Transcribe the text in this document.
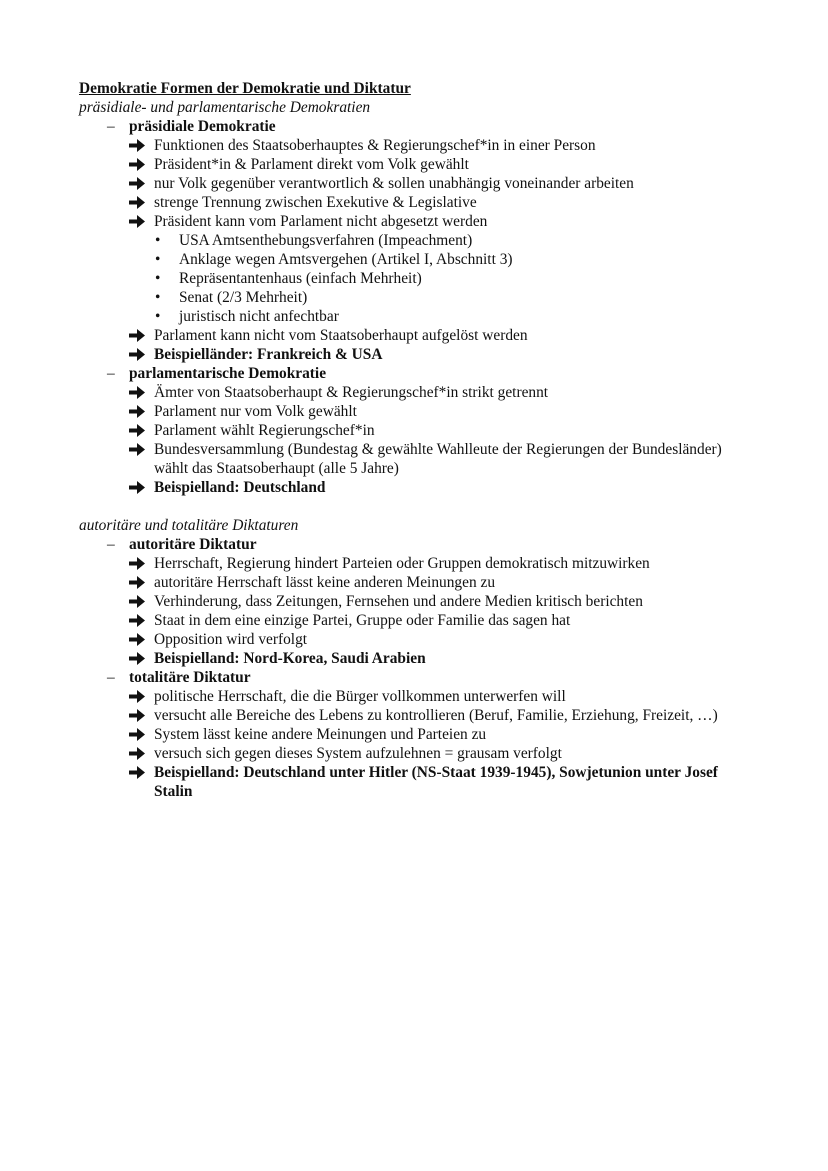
Demokratie Formen der Demokratie und Diktatur
präsidiale- und parlamentarische Demokratien
– präsidiale Demokratie
Funktionen des Staatsoberhauptes & Regierungschef*in in einer Person
Präsident*in & Parlament direkt vom Volk gewählt
nur Volk gegenüber verantwortlich & sollen unabhängig voneinander arbeiten
strenge Trennung zwischen Exekutive & Legislative
Präsident kann vom Parlament nicht abgesetzt werden
• USA Amtsenthebungsverfahren (Impeachment)
• Anklage wegen Amtsvergehen (Artikel I, Abschnitt 3)
• Repräsentantenhaus (einfach Mehrheit)
• Senat (2/3 Mehrheit)
• juristisch nicht anfechtbar
Parlament kann nicht vom Staatsoberhaupt aufgelöst werden
Beispielländer: Frankreich & USA
– parlamentarische Demokratie
Ämter von Staatsoberhaupt & Regierungschef*in strikt getrennt
Parlament nur vom Volk gewählt
Parlament wählt Regierungschef*in
Bundesversammlung (Bundestag & gewählte Wahlleute der Regierungen der Bundesländer) wählt das Staatsoberhaupt (alle 5 Jahre)
Beispielland: Deutschland
autoritäre und totalitäre Diktaturen
– autoritäre Diktatur
Herrschaft, Regierung hindert Parteien oder Gruppen demokratisch mitzuwirken
autoritäre Herrschaft lässt keine anderen Meinungen zu
Verhinderung, dass Zeitungen, Fernsehen und andere Medien kritisch berichten
Staat in dem eine einzige Partei, Gruppe oder Familie das sagen hat
Opposition wird verfolgt
Beispielland: Nord-Korea, Saudi Arabien
– totalitäre Diktatur
politische Herrschaft, die die Bürger vollkommen unterwerfen will
versucht alle Bereiche des Lebens zu kontrollieren (Beruf, Familie, Erziehung, Freizeit, …)
System lässt keine andere Meinungen und Parteien zu
versuch sich gegen dieses System aufzulehnen = grausam verfolgt
Beispielland: Deutschland unter Hitler (NS-Staat 1939-1945), Sowjetunion unter Josef Stalin
